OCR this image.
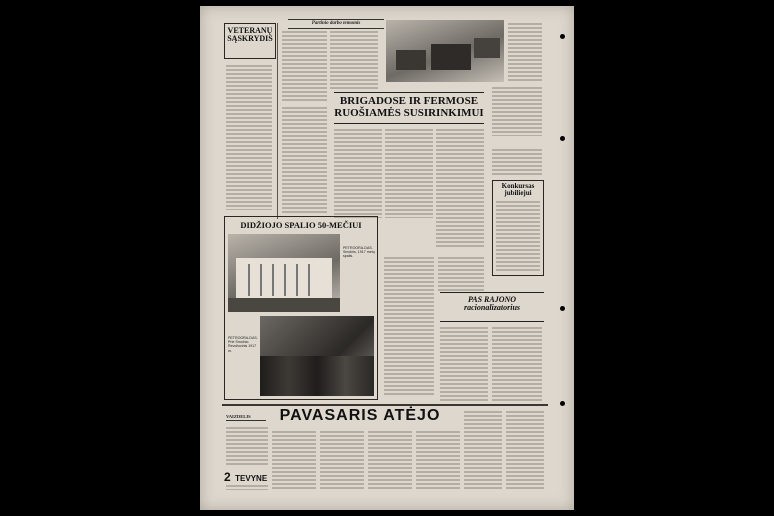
Partinio darbo temomis
VETERANŲ
SĄSKRYDIS
BRIGADOSE IR FERMOSE
RUOŠIAMĖS SUSIRINKIMUI
Konkursas
jubiliejui
DIDŽIOJO SPALIO 50-MEČIUI
PETROGRA-DAS. Smolnis, 1917 metų spalis.
PETROGRA-DAS. Prie Smolnio. Revoliucinis 1917 m.
PAS RAJONO
racionalizatorius
VAIZDELIS	PAVASARIS ATĖJO
2 TEVYNE
